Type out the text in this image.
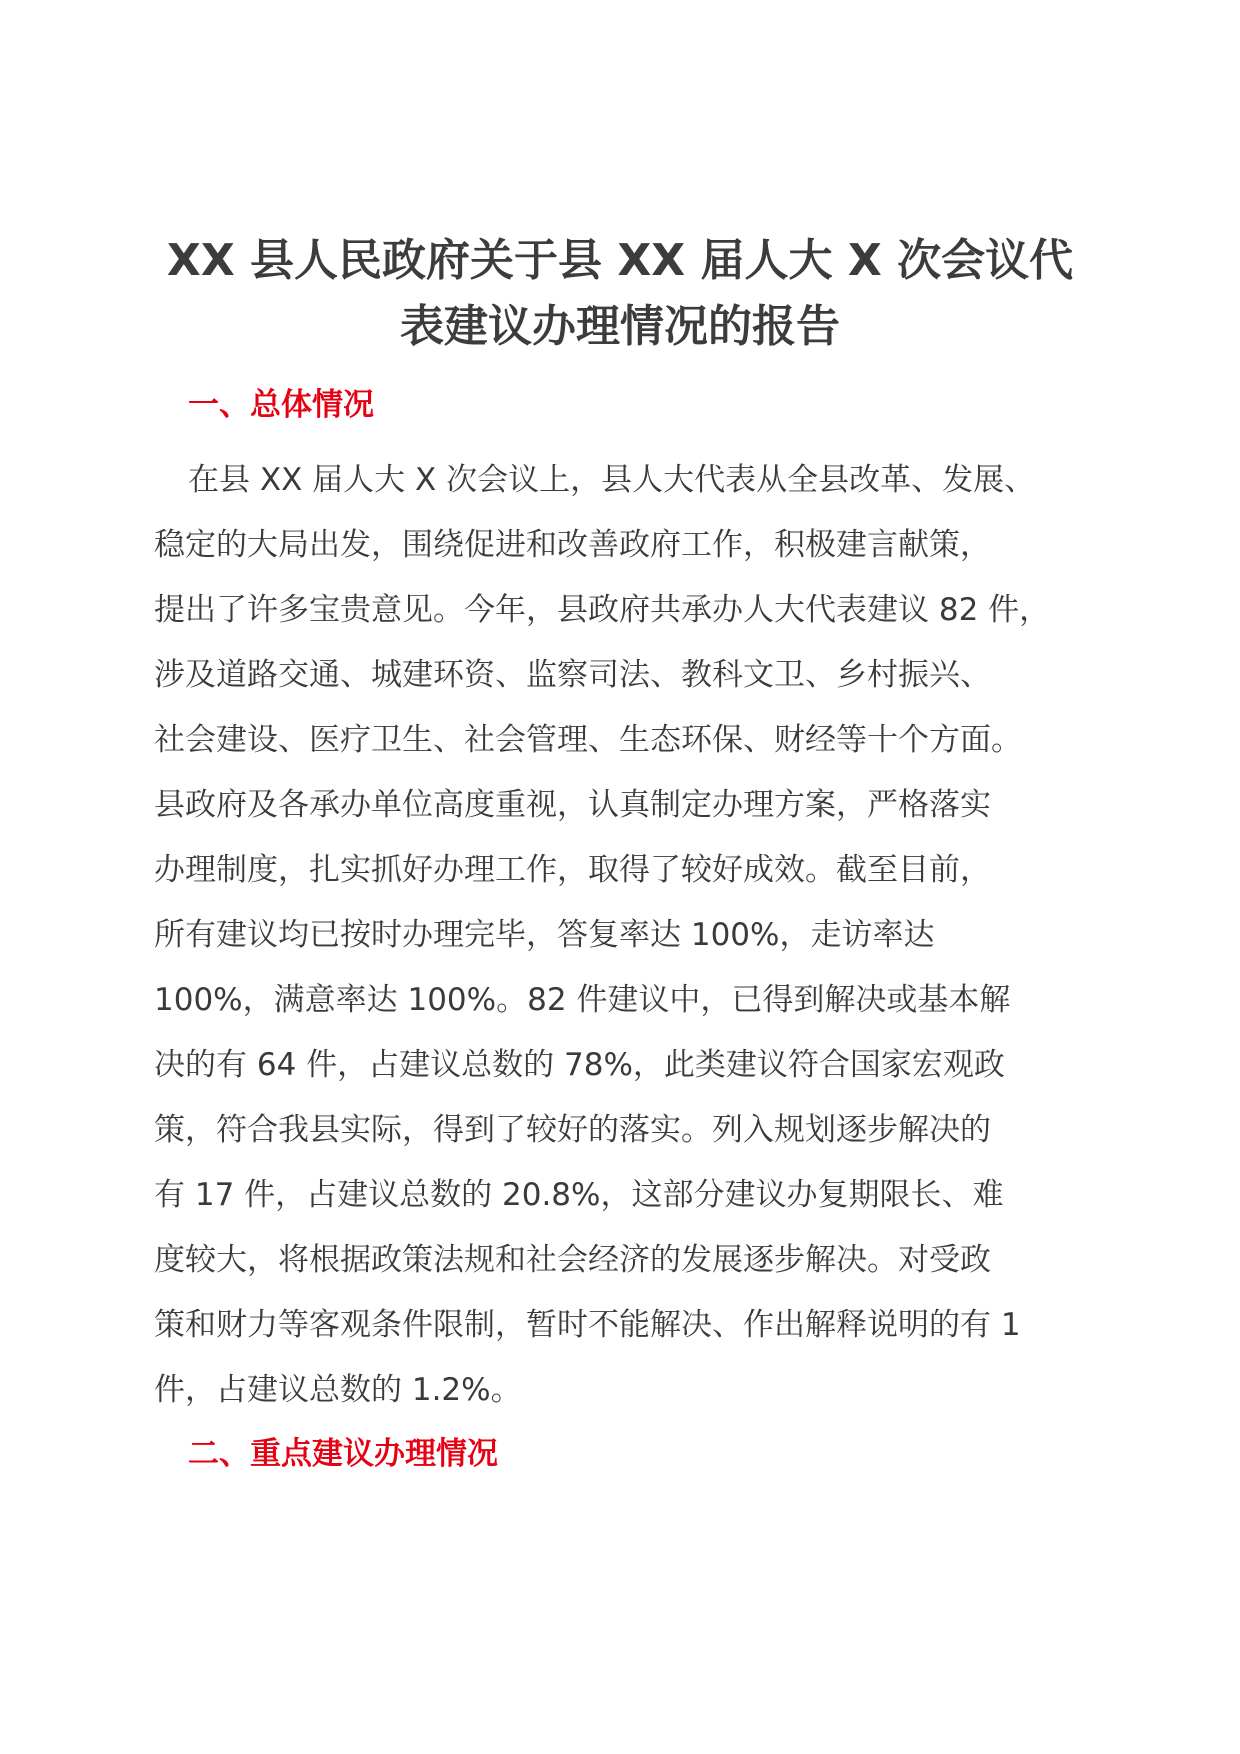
XX 县人民政府关于县 XX 届人大 X 次会议代
表建议办理情况的报告
一、总体情况

在县 XX 届人大 X 次会议上，县人大代表从全县改革、发展、
稳定的大局出发，围绕促进和改善政府工作，积极建言献策，
提出了许多宝贵意见。今年，县政府共承办人大代表建议 82 件，
涉及道路交通、城建环资、监察司法、教科文卫、乡村振兴、
社会建设、医疗卫生、社会管理、生态环保、财经等十个方面。
县政府及各承办单位高度重视，认真制定办理方案，严格落实
办理制度，扎实抓好办理工作，取得了较好成效。截至目前，
所有建议均已按时办理完毕，答复率达 100%，走访率达
100%，满意率达 100%。82 件建议中，已得到解决或基本解
决的有 64 件，占建议总数的 78%，此类建议符合国家宏观政
策，符合我县实际，得到了较好的落实。列入规划逐步解决的
有 17 件，占建议总数的 20.8%，这部分建议办复期限长、难
度较大，将根据政策法规和社会经济的发展逐步解决。对受政
策和财力等客观条件限制，暂时不能解决、作出解释说明的有 1
件，占建议总数的 1.2%。

二、重点建议办理情况
